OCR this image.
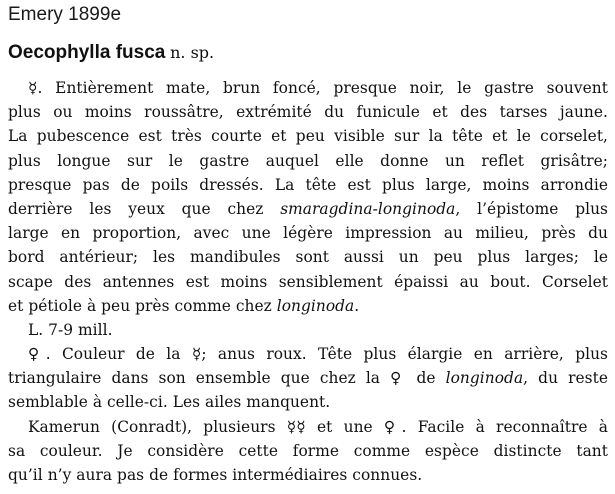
Emery 1899e
Oecophylla fusca n. sp.
☿. Entièrement mate, brun foncé, presque noir, le gastre souvent
plus ou moins roussâtre, extrémité du funicule et des tarses jaune.
La pubescence est très courte et peu visible sur la tête et le corselet,
plus longue sur le gastre auquel elle donne un reflet grisâtre;
presque pas de poils dressés. La tête est plus large, moins arrondie
derrière les yeux que chez smaragdina-longinoda, l’épistome plus
large en proportion, avec une légère impression au milieu, près du
bord antérieur; les mandibules sont aussi un peu plus larges; le
scape des antennes est moins sensiblement épaissi au bout. Corselet
et pétiole à peu près comme chez longinoda.
L. 7-9 mill.
♀. Couleur de la ☿; anus roux. Tête plus élargie en arrière, plus
triangulaire dans son ensemble que chez la ♀ de longinoda, du reste
semblable à celle-ci. Les ailes manquent.
Kamerun (Conradt), plusieurs ☿☿ et une ♀. Facile à reconnaître à
sa couleur. Je considère cette forme comme espèce distincte tant
qu’il n’y aura pas de formes intermédiaires connues.
